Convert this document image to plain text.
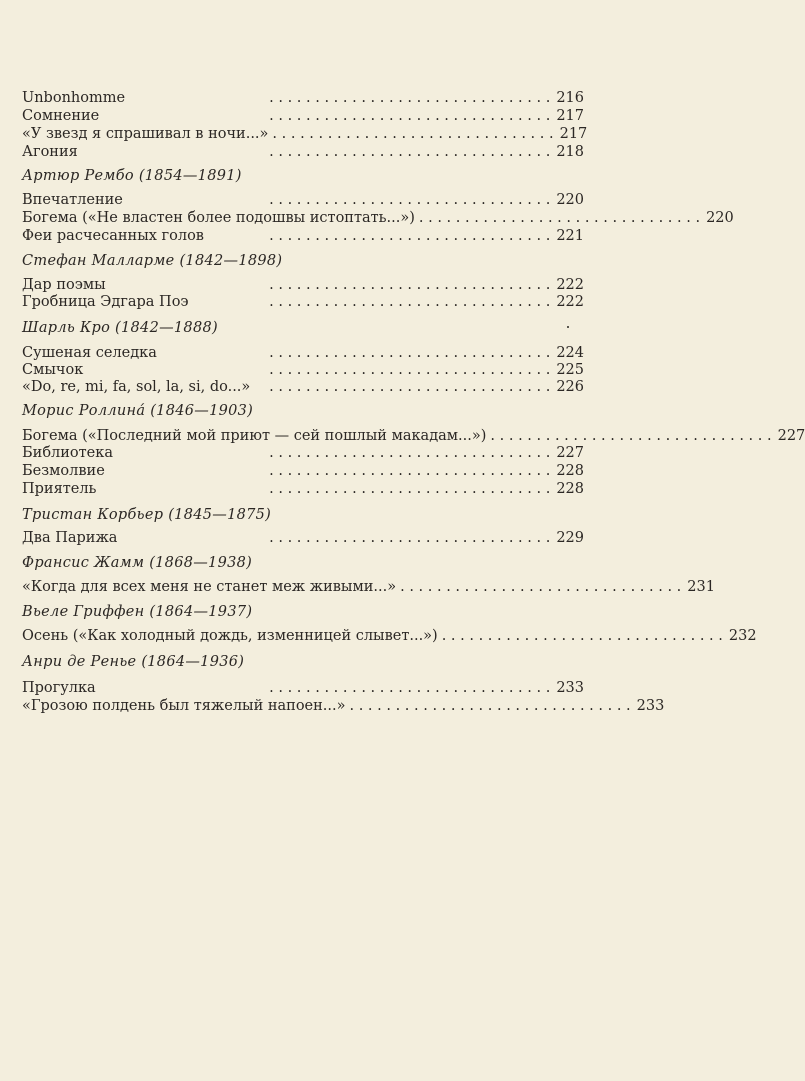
Unbonhomme	. . . . . . . . . . . . . . . . . . . . . . . . . . . . . . . 216
Сомнение	. . . . . . . . . . . . . . . . . . . . . . . . . . . . . . . 217
«У звезд я спрашивал в ночи...» . . . . . . . . . . . . . . . . . . . . . . . . . . . . . . . 217
Агония	. . . . . . . . . . . . . . . . . . . . . . . . . . . . . . . 218
Артюр Рембо (1854—1891)
Впечатление	. . . . . . . . . . . . . . . . . . . . . . . . . . . . . . . 220
Богема («Не властен более подошвы истоптать...») . . . . . . . . . . . . . . . . . . . . . . . . . . . . . . . 220
Феи расчесанных голов	. . . . . . . . . . . . . . . . . . . . . . . . . . . . . . . 221
Стефан Малларме (1842—1898)
Дар поэмы	. . . . . . . . . . . . . . . . . . . . . . . . . . . . . . . 222
Гробница Эдгара Поэ	. . . . . . . . . . . . . . . . . . . . . . . . . . . . . . . 222
Шарль Кро (1842—1888)
Сушеная селедка	. . . . . . . . . . . . . . . . . . . . . . . . . . . . . . . 224
Смычок	. . . . . . . . . . . . . . . . . . . . . . . . . . . . . . . 225
«Do, re, mi, fa, sol, la, si, do...»	. . . . . . . . . . . . . . . . . . . . . . . . . . . . . . . 226
Морис Роллина́ (1846—1903)
Богема («Последний мой приют — сей пошлый макадам...») . . . . . . . . . . . . . . . . . . . . . . . . . . . . . . . 227
Библиотека	. . . . . . . . . . . . . . . . . . . . . . . . . . . . . . . 227
Безмолвие	. . . . . . . . . . . . . . . . . . . . . . . . . . . . . . . 228
Приятель	. . . . . . . . . . . . . . . . . . . . . . . . . . . . . . . 228
Тристан Корбьер (1845—1875)
Два Парижа	. . . . . . . . . . . . . . . . . . . . . . . . . . . . . . . 229
Франсис Жамм (1868—1938)
«Когда для всех меня не станет меж живыми...» . . . . . . . . . . . . . . . . . . . . . . . . . . . . . . . 231
Вьеле Гриффен (1864—1937)
Осень («Как холодный дождь, изменницей слывет...») . . . . . . . . . . . . . . . . . . . . . . . . . . . . . . . 232
Анри де Ренье (1864—1936)
Прогулка	. . . . . . . . . . . . . . . . . . . . . . . . . . . . . . . 233
«Грозою полдень был тяжелый напоен...» . . . . . . . . . . . . . . . . . . . . . . . . . . . . . . . 233
